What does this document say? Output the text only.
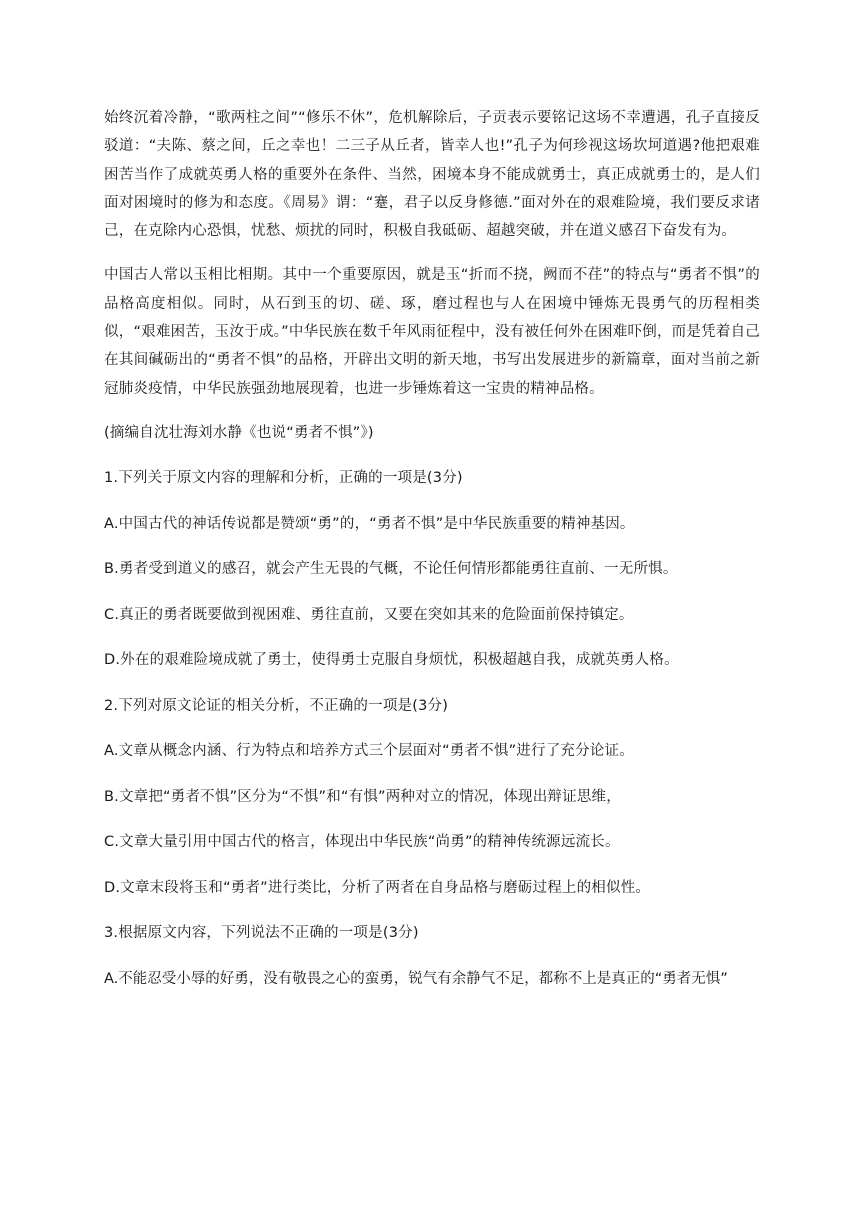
始终沉着冷静，“歌两柱之间”“修乐不休”，危机解除后，子贡表示要铭记这场不幸遭遇，孔子直接反驳道：“夫陈、蔡之间，丘之幸也！二三子从丘者，皆幸人也!”孔子为何珍视这场坎坷道遇?他把艰难困苦当作了成就英勇人格的重要外在条件、当然，困境本身不能成就勇士，真正成就勇士的，是人们面对困境时的修为和态度。《周易》谓：“蹇，君子以反身修德.”面对外在的艰难险境，我们要反求诸己，在克除内心恐惧，忧愁、烦扰的同时，积极自我砥砺、超越突破，并在道义感召下奋发有为。

中国古人常以玉相比相期。其中一个重要原因，就是玉“折而不挠，阙而不荏”的特点与“勇者不惧”的品格高度相似。同时，从石到玉的切、磋、琢，磨过程也与人在困境中锤炼无畏勇气的历程相类似，“艰难困苦，玉汝于成。”中华民族在数千年风雨征程中，没有被任何外在困难吓倒，而是凭着自己在其间碱砺出的“勇者不惧”的品格，开辟出文明的新天地，书写出发展进步的新篇章，面对当前之新冠肺炎疫情，中华民族强劲地展现着，也进一步锤炼着这一宝贵的精神品格。

(摘编自沈壮海刘水静《也说“勇者不惧”》)
1.下列关于原文内容的理解和分析，正确的一项是(3分)
A.中国古代的神话传说都是赞颂“勇”的，“勇者不惧”是中华民族重要的精神基因。
B.勇者受到道义的感召，就会产生无畏的气概，不论任何情形都能勇往直前、一无所惧。
C.真正的勇者既要做到视困难、勇往直前，又要在突如其来的危险面前保持镇定。
D.外在的艰难险境成就了勇士，使得勇士克服自身烦忧，积极超越自我，成就英勇人格。
2.下列对原文论证的相关分析，不正确的一项是(3分)
A.文章从概念内涵、行为特点和培养方式三个层面对“勇者不惧”进行了充分论证。
B.文章把“勇者不惧”区分为“不惧”和“有惧”两种对立的情况，体现出辩证思维，
C.文章大量引用中国古代的格言，体现出中华民族“尚勇”的精神传统源远流长。
D.文章末段将玉和“勇者”进行类比，分析了两者在自身品格与磨砺过程上的相似性。
3.根据原文内容，下列说法不正确的一项是(3分)
A.不能忍受小辱的好勇，没有敬畏之心的蛮勇，锐气有余静气不足，都称不上是真正的“勇者无惧”
